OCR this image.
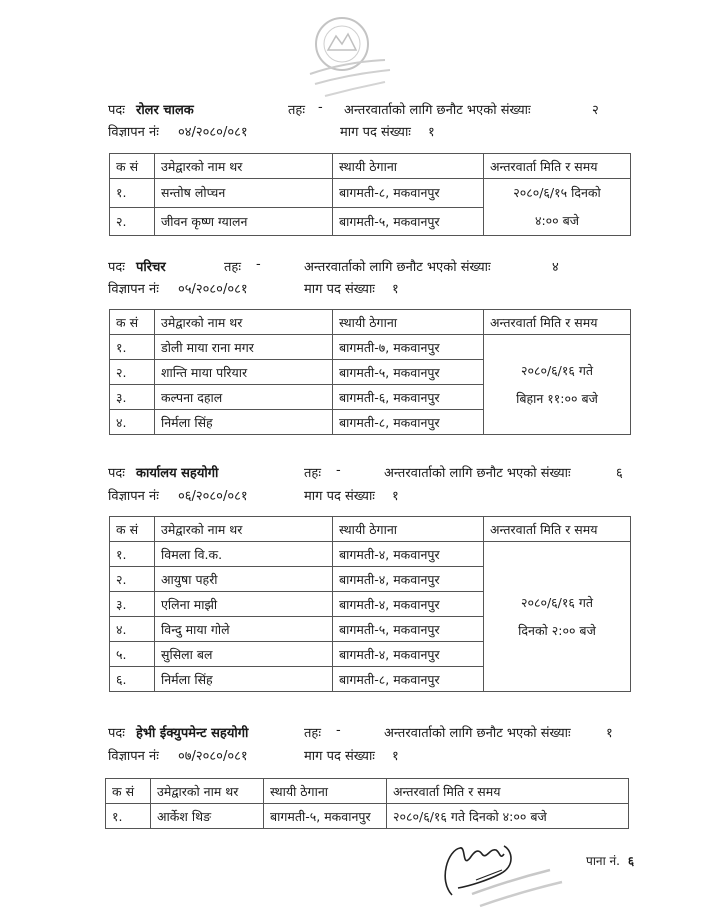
पदः रोलर चालक	तहः - अन्तरवार्ताको लागि छनौट भएको संख्याः	२
विज्ञापन नंः ०४/२०८०/०८१	माग पद संख्याः १
क सं	उमेद्वारको नाम थर	स्थायी ठेगाना	अन्तरवार्ता मिति र समय
१.	सन्तोष लोप्चन	बागमती-८, मकवानपुर	२०८०/६/१५ दिनको
४:०० बजे

२.	जीवन कृष्ण ग्यालन	बागमती-५, मकवानपुर	
पदः परिचर	तहः -	अन्तरवार्ताको लागि छनौट भएको संख्याः	४
विज्ञापन नंः ०५/२०८०/०८१	माग पद संख्याः १
क सं	उमेद्वारको नाम थर	स्थायी ठेगाना	अन्तरवार्ता मिति र समय
१.	डोली माया राना मगर	बागमती-७, मकवानपुर	२०८०/६/१६ गते
बिहान ११:०० बजे

२.	शान्ति माया परियार	बागमती-५, मकवानपुर	
३.	कल्पना दहाल	बागमती-६, मकवानपुर	
४.	निर्मला सिंह	बागमती-८, मकवानपुर	
पदः कार्यालय सहयोगी	तहः -	अन्तरवार्ताको लागि छनौट भएको संख्याः	६
विज्ञापन नंः ०६/२०८०/०८१	माग पद संख्याः १
क सं	उमेद्वारको नाम थर	स्थायी ठेगाना	अन्तरवार्ता मिति र समय
१.	विमला वि.क.	बागमती-४, मकवानपुर	२०८०/६/१६ गते
दिनको २:०० बजे

२.	आयुषा पहरी	बागमती-४, मकवानपुर	
३.	एलिना माझी	बागमती-४, मकवानपुर	
४.	विन्दु माया गोले	बागमती-५, मकवानपुर	
५.	सुसिला बल	बागमती-४, मकवानपुर	
६.	निर्मला सिंह	बागमती-८, मकवानपुर	
पदः हेभी ईक्युपमेन्ट सहयोगी	तहः -	अन्तरवार्ताको लागि छनौट भएको संख्याः	१
विज्ञापन नंः ०७/२०८०/०८१	माग पद संख्याः १
क सं	उमेद्वारको नाम थर	स्थायी ठेगाना	अन्तरवार्ता मिति र समय
१.	आर्केश थिङ	बागमती-५, मकवानपुर	२०८०/६/१६ गते दिनको ४:०० बजे
पाना नं. ६
